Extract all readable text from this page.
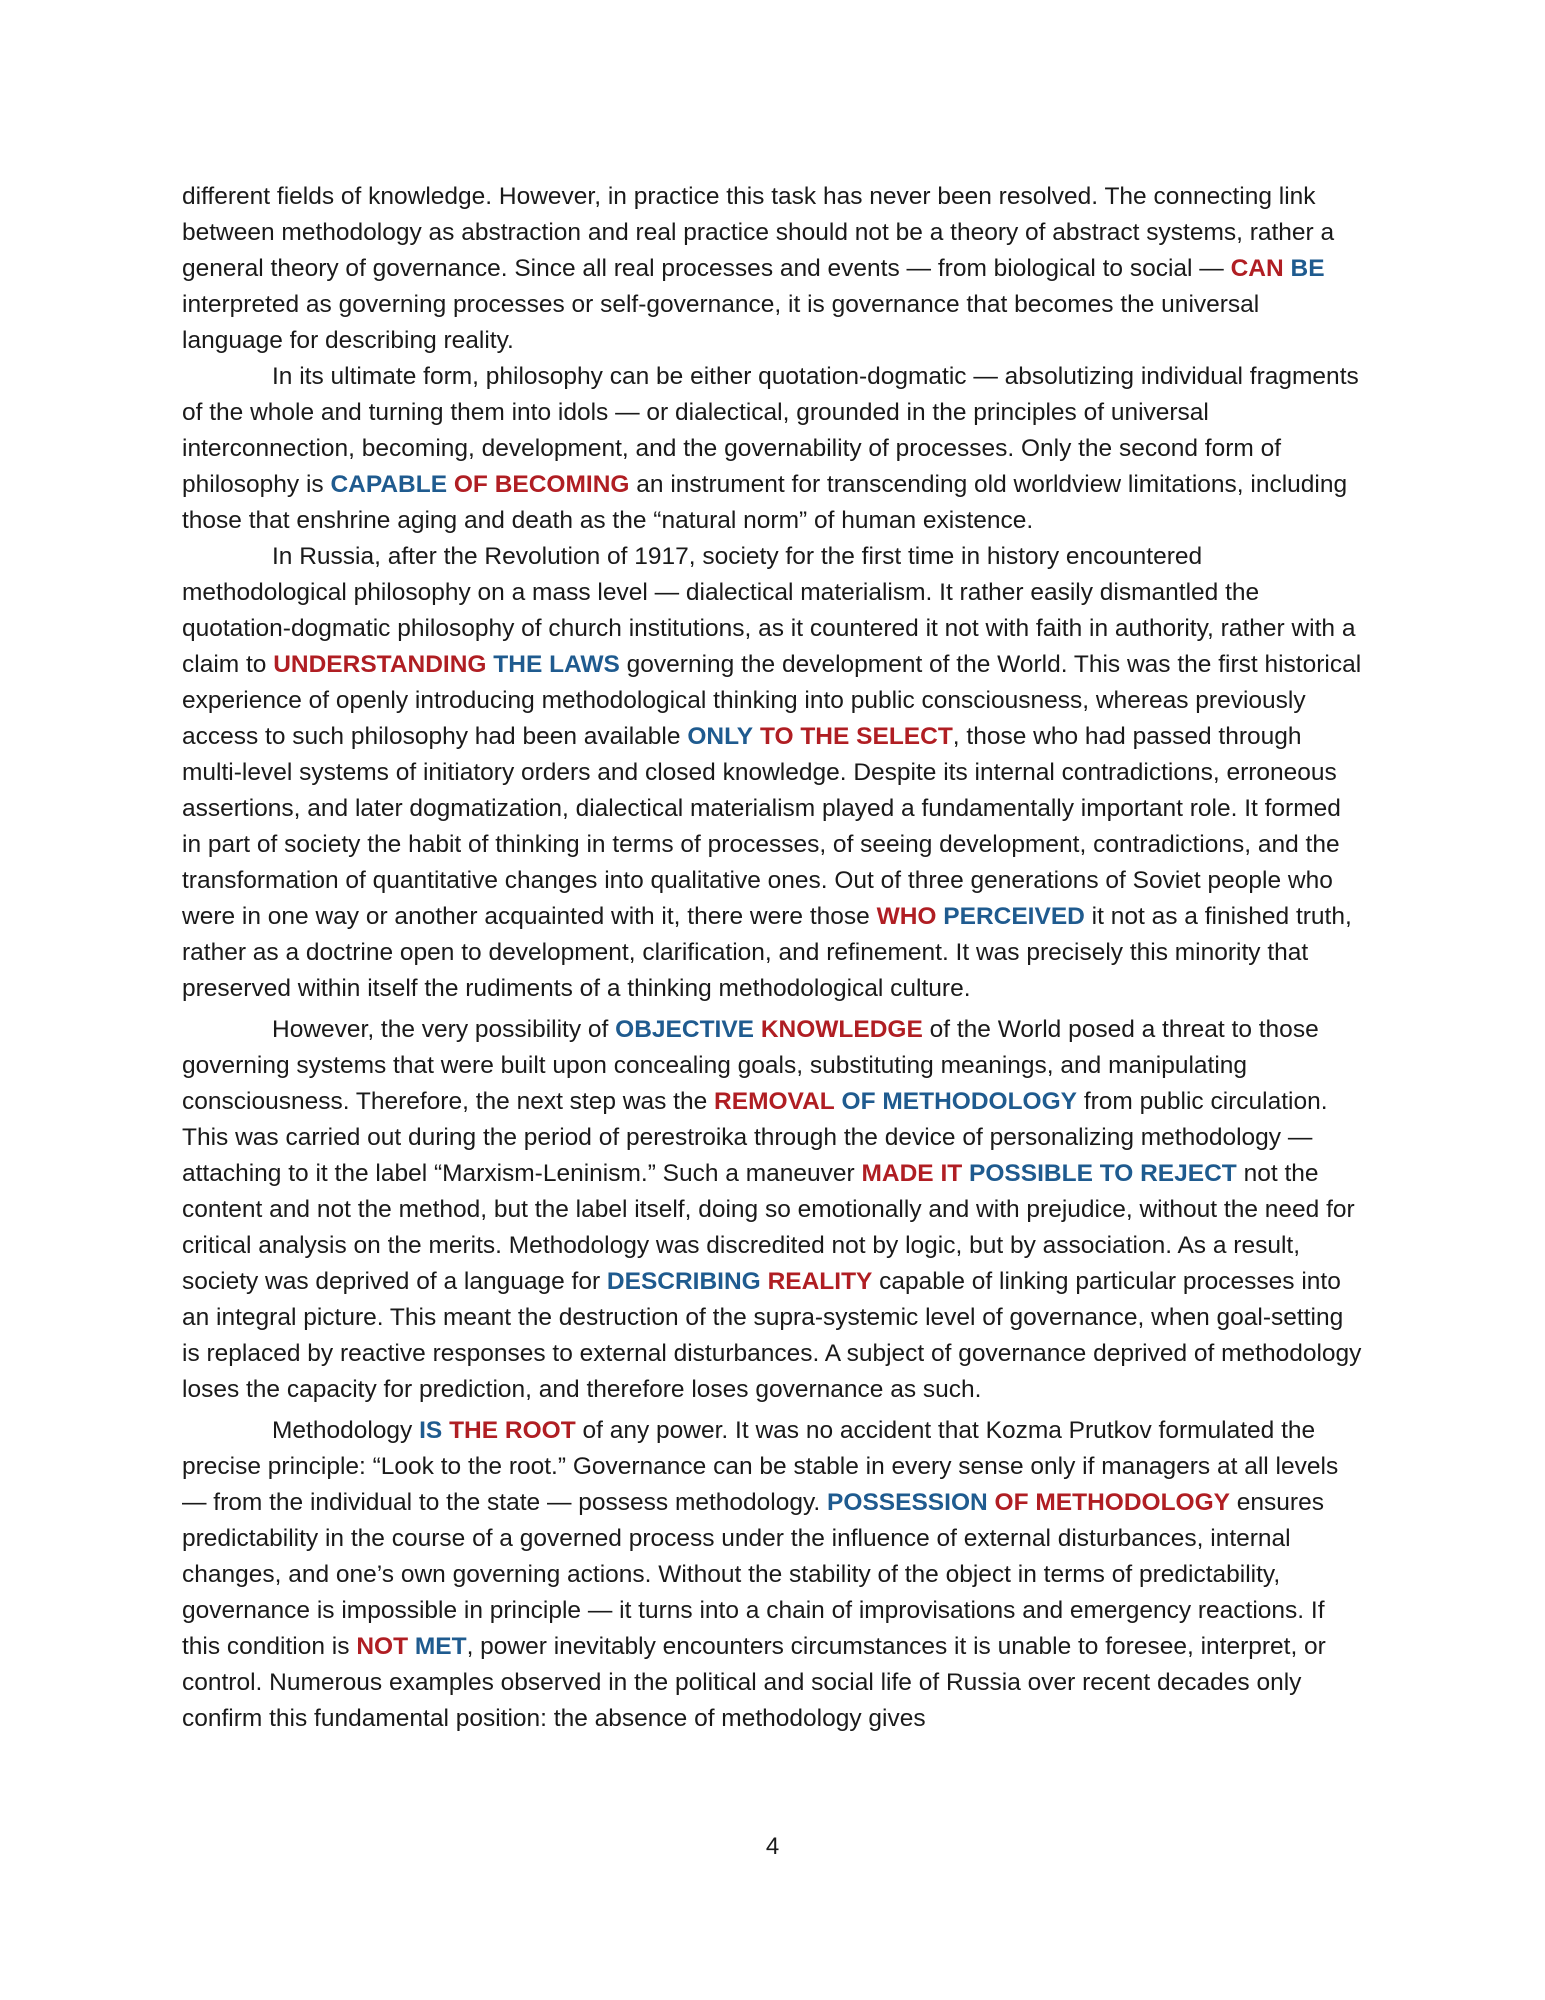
different fields of knowledge. However, in practice this task has never been resolved. The connecting link between methodology as abstraction and real practice should not be a theory of abstract systems, rather a general theory of governance. Since all real processes and events — from biological to social — CAN BE interpreted as governing processes or self-governance, it is governance that becomes the universal language for describing reality.

In its ultimate form, philosophy can be either quotation-dogmatic — absolutizing individual fragments of the whole and turning them into idols — or dialectical, grounded in the principles of universal interconnection, becoming, development, and the governability of processes. Only the second form of philosophy is CAPABLE OF BECOMING an instrument for transcending old worldview limitations, including those that enshrine aging and death as the “natural norm” of human existence.

In Russia, after the Revolution of 1917, society for the first time in history encountered methodological philosophy on a mass level — dialectical materialism. It rather easily dismantled the quotation-dogmatic philosophy of church institutions, as it countered it not with faith in authority, rather with a claim to UNDERSTANDING THE LAWS governing the development of the World. This was the first historical experience of openly introducing methodological thinking into public consciousness, whereas previously access to such philosophy had been available ONLY TO THE SELECT, those who had passed through multi-level systems of initiatory orders and closed knowledge. Despite its internal contradictions, erroneous assertions, and later dogmatization, dialectical materialism played a fundamentally important role. It formed in part of society the habit of thinking in terms of processes, of seeing development, contradictions, and the transformation of quantitative changes into qualitative ones. Out of three generations of Soviet people who were in one way or another acquainted with it, there were those WHO PERCEIVED it not as a finished truth, rather as a doctrine open to development, clarification, and refinement. It was precisely this minority that preserved within itself the rudiments of a thinking methodological culture.

However, the very possibility of OBJECTIVE KNOWLEDGE of the World posed a threat to those governing systems that were built upon concealing goals, substituting meanings, and manipulating consciousness. Therefore, the next step was the REMOVAL OF METHODOLOGY from public circulation. This was carried out during the period of perestroika through the device of personalizing methodology — attaching to it the label “Marxism-Leninism.” Such a maneuver MADE IT POSSIBLE TO REJECT not the content and not the method, but the label itself, doing so emotionally and with prejudice, without the need for critical analysis on the merits. Methodology was discredited not by logic, but by association. As a result, society was deprived of a language for DESCRIBING REALITY capable of linking particular processes into an integral picture. This meant the destruction of the supra-systemic level of governance, when goal-setting is replaced by reactive responses to external disturbances. A subject of governance deprived of methodology loses the capacity for prediction, and therefore loses governance as such.

Methodology IS THE ROOT of any power. It was no accident that Kozma Prutkov formulated the precise principle: “Look to the root.” Governance can be stable in every sense only if managers at all levels — from the individual to the state — possess methodology. POSSESSION OF METHODOLOGY ensures predictability in the course of a governed process under the influence of external disturbances, internal changes, and one’s own governing actions. Without the stability of the object in terms of predictability, governance is impossible in principle — it turns into a chain of improvisations and emergency reactions. If this condition is NOT MET, power inevitably encounters circumstances it is unable to foresee, interpret, or control. Numerous examples observed in the political and social life of Russia over recent decades only confirm this fundamental position: the absence of methodology gives

4
